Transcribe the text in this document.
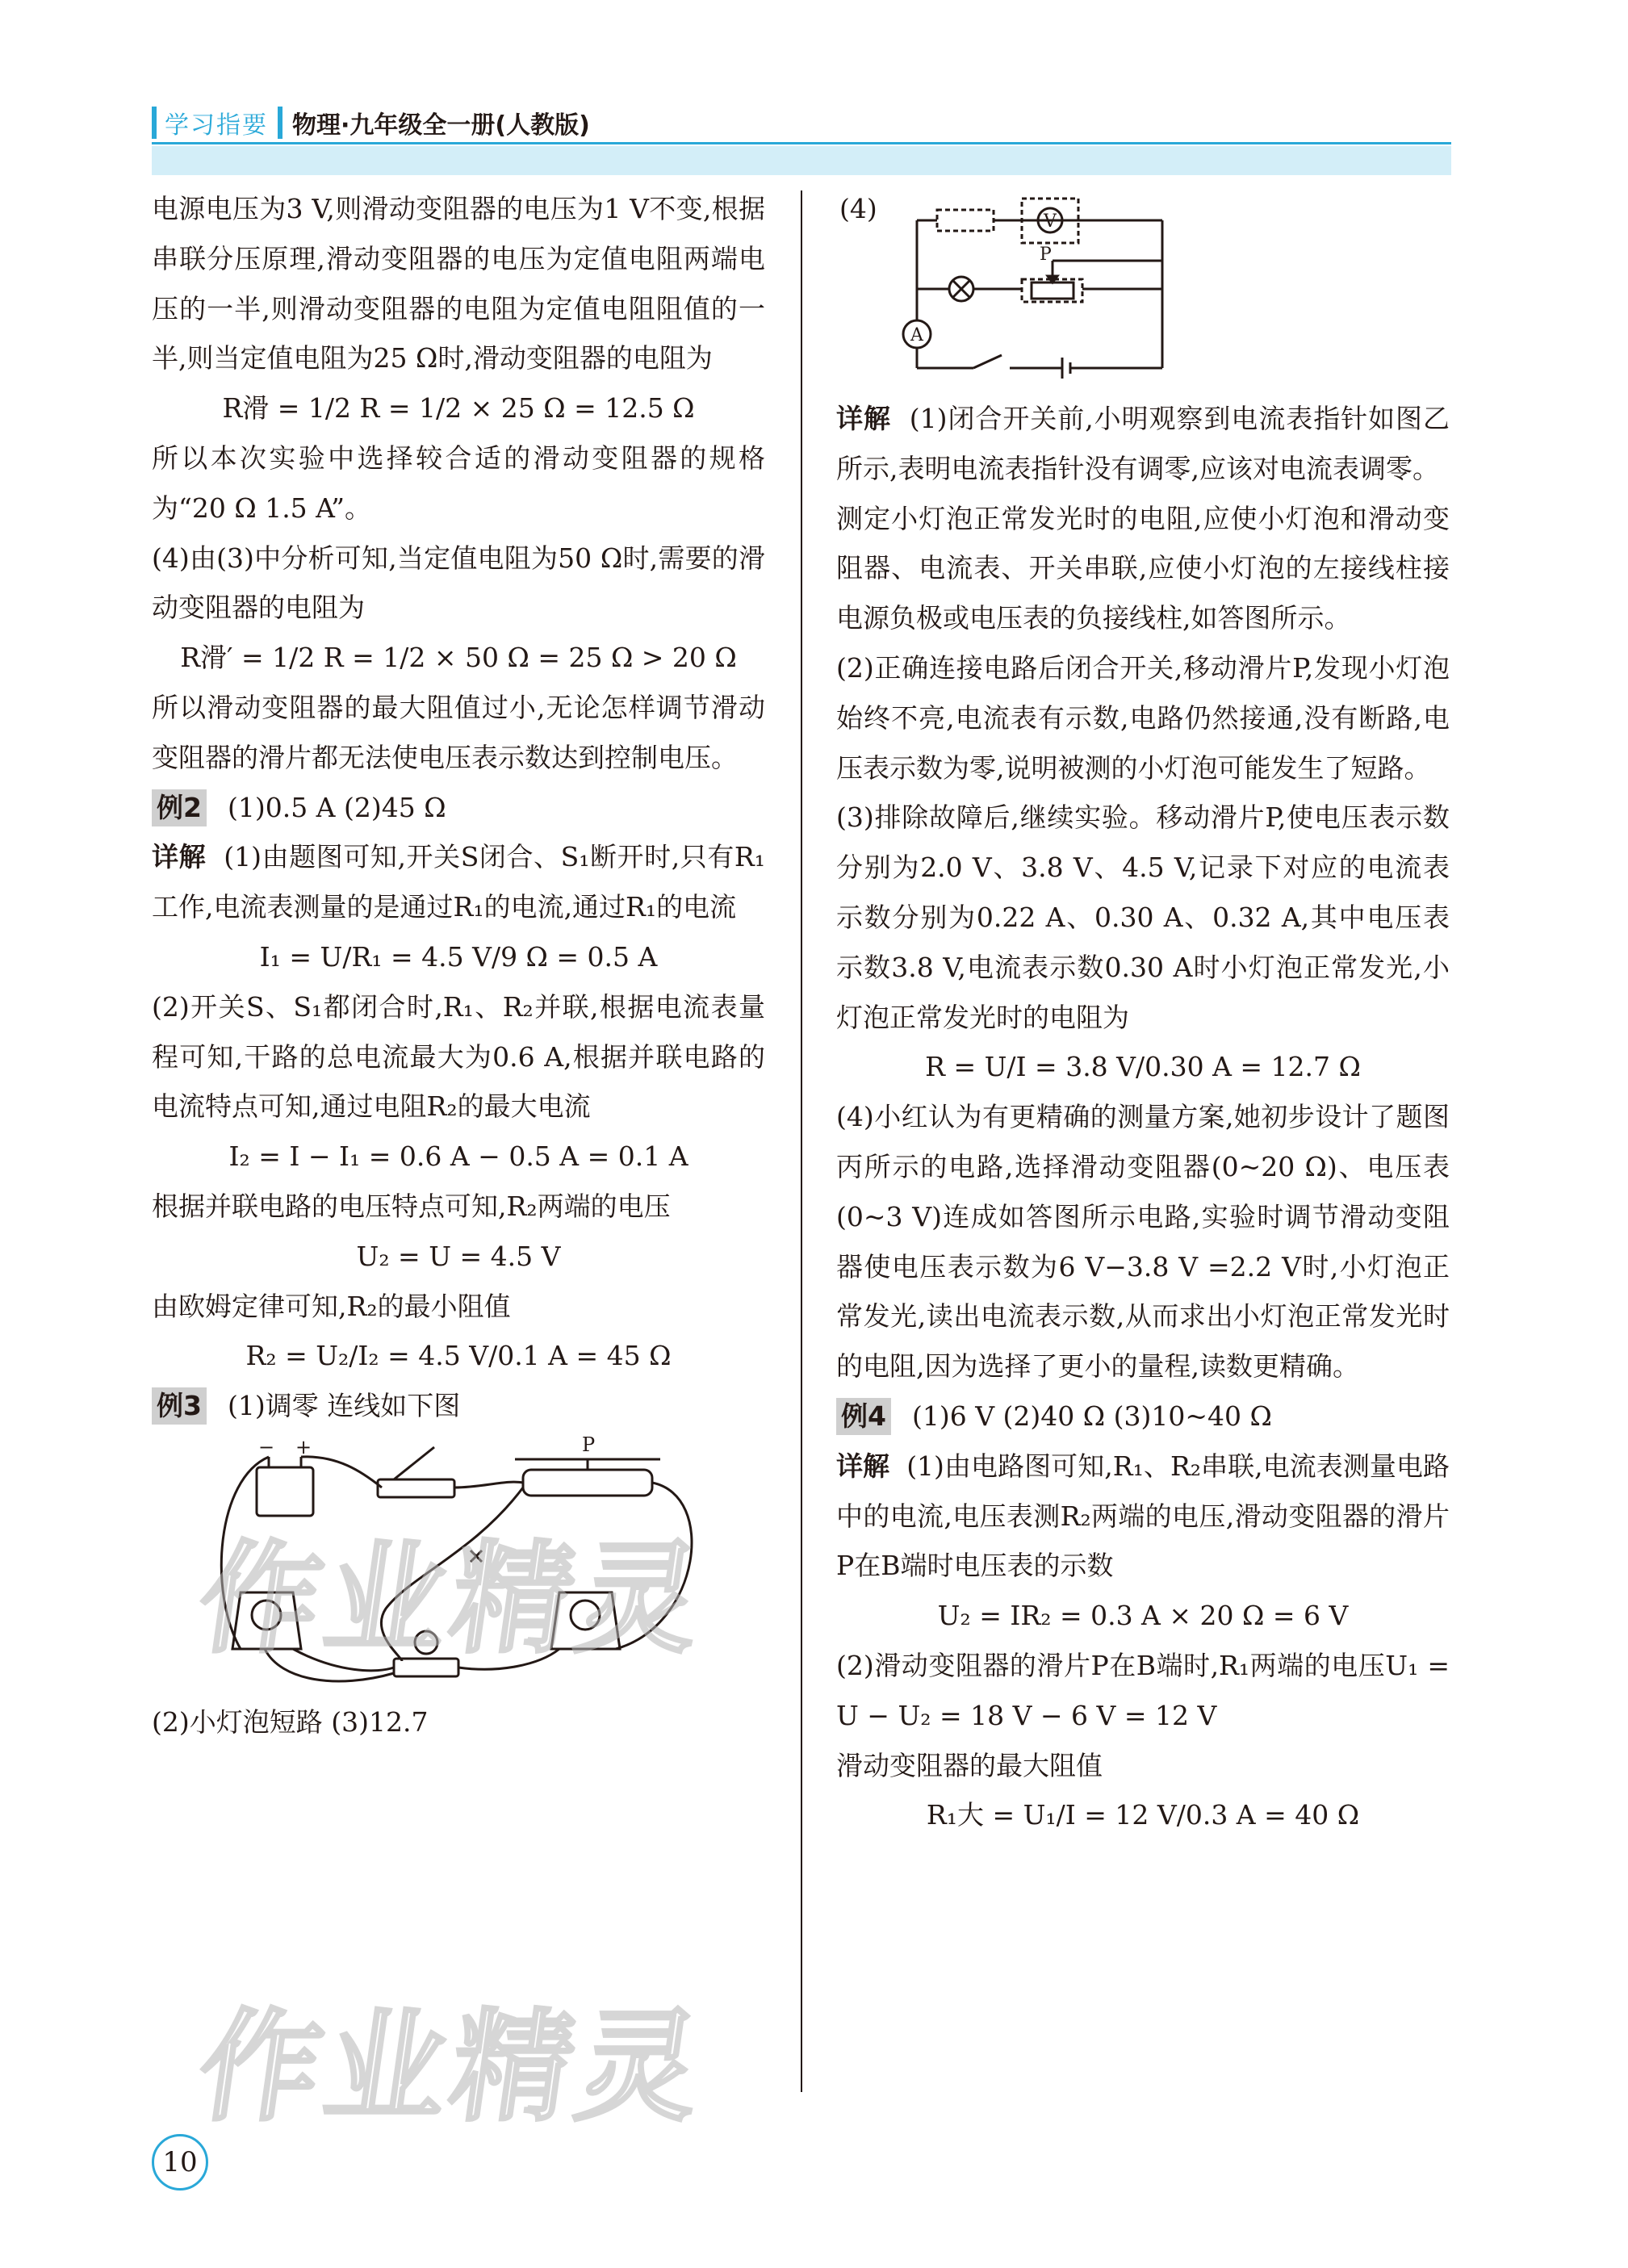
学习指要 物理·九年级全一册(人教版)

电源电压为3 V,则滑动变阻器的电压为1 V不变,根据串联分压原理,滑动变阻器的电压为定值电阻两端电压的一半,则滑动变阻器的电阻为定值电阻阻值的一半,则当定值电阻为25 Ω时,滑动变阻器的电阻为

R滑 = 1/2 R = 1/2 × 25 Ω = 12.5 Ω

所以本次实验中选择较合适的滑动变阻器的规格为“20 Ω 1.5 A”。

(4)由(3)中分析可知,当定值电阻为50 Ω时,需要的滑动变阻器的电阻为

R滑′ = 1/2 R = 1/2 × 50 Ω = 25 Ω > 20 Ω

所以滑动变阻器的最大阻值过小,无论怎样调节滑动变阻器的滑片都无法使电压表示数达到控制电压。

例2 (1)0.5 A (2)45 Ω

详解 (1)由题图可知,开关S闭合、S₁断开时,只有R₁工作,电流表测量的是通过R₁的电流,通过R₁的电流

I₁ = U/R₁ = 4.5 V/9 Ω = 0.5 A

(2)开关S、S₁都闭合时,R₁、R₂并联,根据电流表量程可知,干路的总电流最大为0.6 A,根据并联电路的电流特点可知,通过电阻R₂的最大电流

I₂ = I − I₁ = 0.6 A − 0.5 A = 0.1 A

根据并联电路的电压特点可知,R₂两端的电压

U₂ = U = 4.5 V

由欧姆定律可知,R₂的最小阻值

R₂ = U₂/I₂ = 4.5 V/0.1 A = 45 Ω

例3 (1)调零 连线如下图

− +	P

(2)小灯泡短路 (3)12.7

(4)	V
A
P

详解 (1)闭合开关前,小明观察到电流表指针如图乙所示,表明电流表指针没有调零,应该对电流表调零。

测定小灯泡正常发光时的电阻,应使小灯泡和滑动变阻器、电流表、开关串联,应使小灯泡的左接线柱接电源负极或电压表的负接线柱,如答图所示。

(2)正确连接电路后闭合开关,移动滑片P,发现小灯泡始终不亮,电流表有示数,电路仍然接通,没有断路,电压表示数为零,说明被测的小灯泡可能发生了短路。

(3)排除故障后,继续实验。移动滑片P,使电压表示数分别为2.0 V、3.8 V、4.5 V,记录下对应的电流表示数分别为0.22 A、0.30 A、0.32 A,其中电压表示数3.8 V,电流表示数0.30 A时小灯泡正常发光,小灯泡正常发光时的电阻为

R = U/I = 3.8 V/0.30 A = 12.7 Ω

(4)小红认为有更精确的测量方案,她初步设计了题图丙所示的电路,选择滑动变阻器(0~20 Ω)、电压表(0~3 V)连成如答图所示电路,实验时调节滑动变阻器使电压表示数为6 V−3.8 V =2.2 V时,小灯泡正常发光,读出电流表示数,从而求出小灯泡正常发光时的电阻,因为选择了更小的量程,读数更精确。

例4 (1)6 V (2)40 Ω (3)10~40 Ω

详解 (1)由电路图可知,R₁、R₂串联,电流表测量电路中的电流,电压表测R₂两端的电压,滑动变阻器的滑片P在B端时电压表的示数

U₂ = IR₂ = 0.3 A × 20 Ω = 6 V

(2)滑动变阻器的滑片P在B端时,R₁两端的电压U₁ = U − U₂ = 18 V − 6 V = 12 V

滑动变阻器的最大阻值

R₁大 = U₁/I = 12 V/0.3 A = 40 Ω

作业精灵
作业精灵
10
